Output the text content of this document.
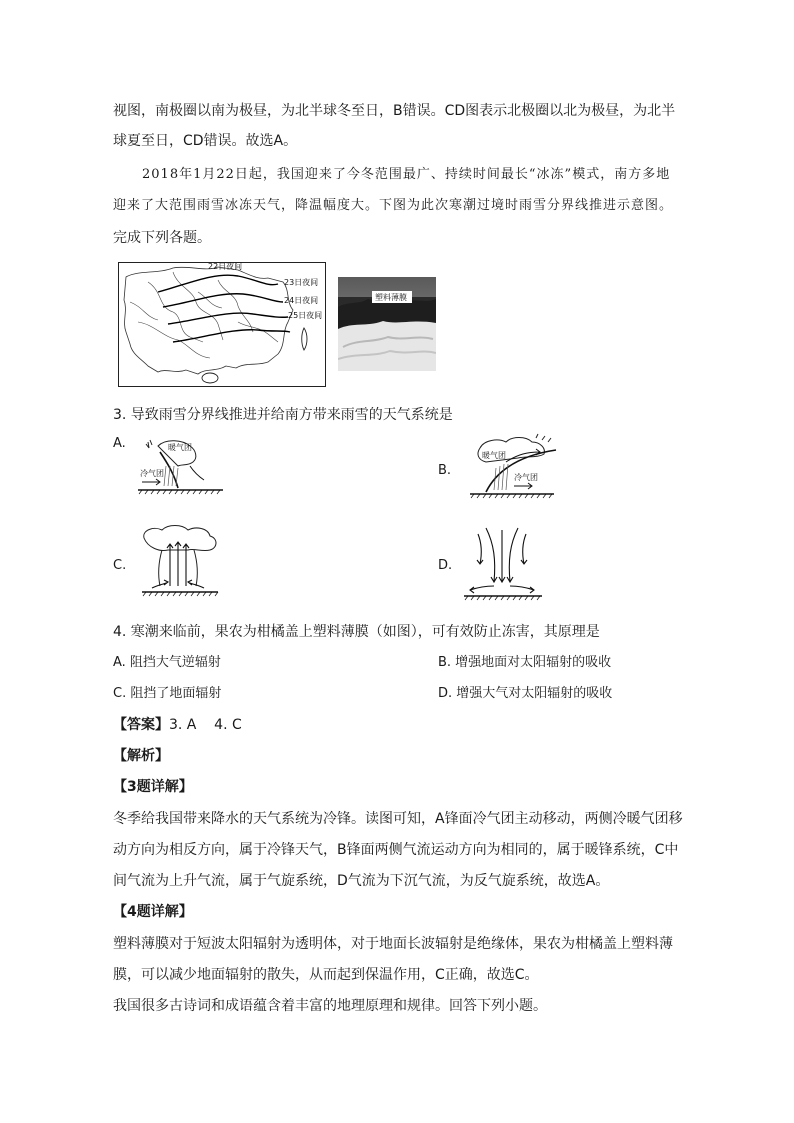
视图，南极圈以南为极昼，为北半球冬至日，B错误。CD图表示北极圈以北为极昼，为北半
球夏至日，CD错误。故选A。
2018年1月22日起，我国迎来了今冬范围最广、持续时间最长“冰冻”模式，南方多地
迎来了大范围雨雪冰冻天气，降温幅度大。下图为此次寒潮过境时雨雪分界线推进示意图。
完成下列各题。
22日夜间
23日夜间
24日夜间
25日夜间
塑料薄膜
3. 导致雨雪分界线推进并给南方带来雨雪的天气系统是
A.	暖气团
冷气团	B.
暖气团
冷气团
C.	D.
4. 寒潮来临前，果农为柑橘盖上塑料薄膜（如图），可有效防止冻害，其原理是
A. 阻挡大气逆辐射	B. 增强地面对太阳辐射的吸收
C. 阻挡了地面辐射	D. 增强大气对太阳辐射的吸收
【答案】3. A    4. C
【解析】
【3题详解】
冬季给我国带来降水的天气系统为冷锋。读图可知，A锋面冷气团主动移动，两侧冷暖气团移
动方向为相反方向，属于冷锋天气，B锋面两侧气流运动方向为相同的，属于暖锋系统，C中
间气流为上升气流，属于气旋系统，D气流为下沉气流，为反气旋系统，故选A。
【4题详解】
塑料薄膜对于短波太阳辐射为透明体，对于地面长波辐射是绝缘体，果农为柑橘盖上塑料薄
膜，可以减少地面辐射的散失，从而起到保温作用，C正确，故选C。
我国很多古诗词和成语蕴含着丰富的地理原理和规律。回答下列小题。
